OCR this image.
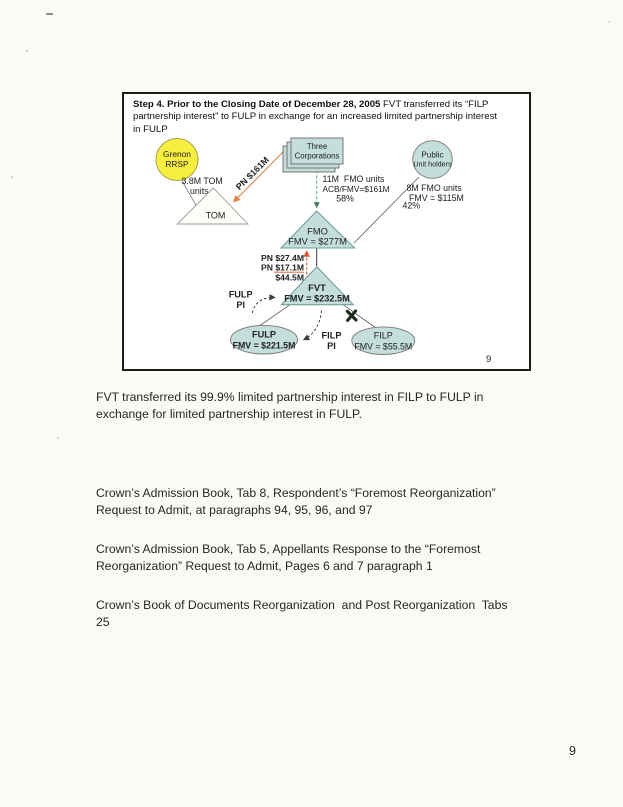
PN $161M
Grenon
RRSP
3.8M TOM
units
TOM
Three
Corporations
11M  FMO units
ACB/FMV=$161M
58%
Public
Unit holders
8M FMO units
FMV = $115M
42%
FMO
FMV = $277M
PN $27.4M
PN $17.1M
$44.5M
FVT
FMV = $232.5M
FULP
PI
FILP
PI
FULP
FMV = $221.5M
FILP
FMV = $55.5M
9
Step 4. Prior to the Closing Date of December 28, 2005 FVT transferred its “FILP
partnership interest” to FULP in exchange for an increased limited partnership interest
in FULP
FVT transferred its 99.9% limited partnership interest in FILP to FULP in
exchange for limited partnership interest in FULP.
Crown’s Admission Book, Tab 8, Respondent’s “Foremost Reorganization”
Request to Admit, at paragraphs 94, 95, 96, and 97
Crown’s Admission Book, Tab 5, Appellants Response to the “Foremost
Reorganization” Request to Admit, Pages 6 and 7 paragraph 1
Crown’s Book of Documents Reorganization  and Post Reorganization  Tabs
25
9
